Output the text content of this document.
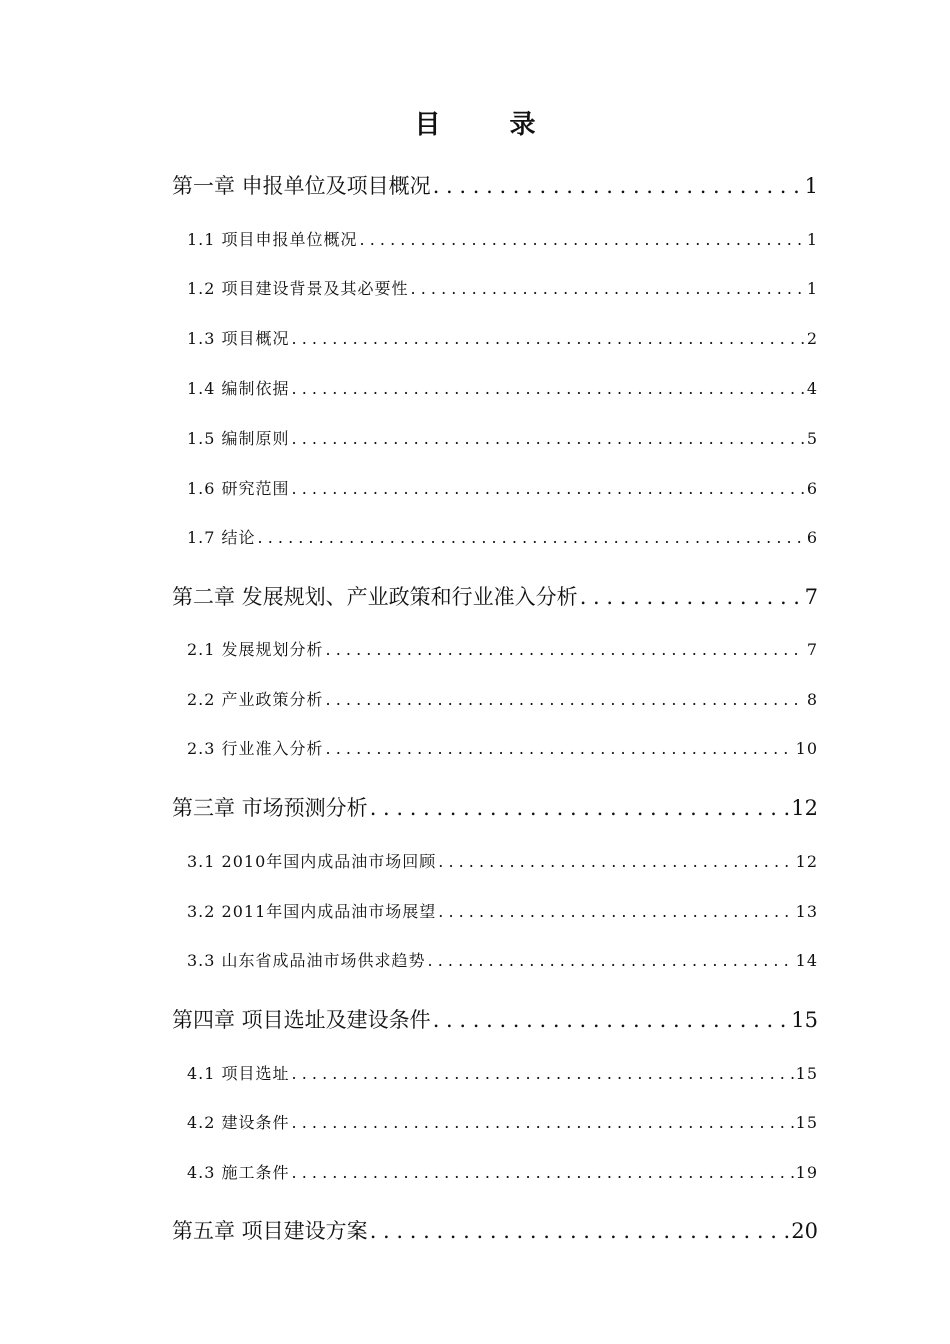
目 录
第一章 申报单位及项目概况 . . .	1
1.1 项目申报单位概况 . . .	1
1.2 项目建设背景及其必要性 . . .	1
1.3 项目概况 . . .	2
1.4 编制依据 . . .	4
1.5 编制原则 . . .	5
1.6 研究范围 . . .	6
1.7 结论 . . .	6
第二章 发展规划、产业政策和行业准入分析 . . .	7
2.1 发展规划分析 . . .	7
2.2 产业政策分析 . . .	8
2.3 行业准入分析 . . .	10
第三章 市场预测分析 . . .	12
3.1 2010年国内成品油市场回顾 . . .	12
3.2 2011年国内成品油市场展望 . . .	13
3.3 山东省成品油市场供求趋势 . . .	14
第四章 项目选址及建设条件 . . .	15
4.1 项目选址 . . .	15
4.2 建设条件 . . .	15
4.3 施工条件 . . .	19
第五章 项目建设方案 . . .	20
